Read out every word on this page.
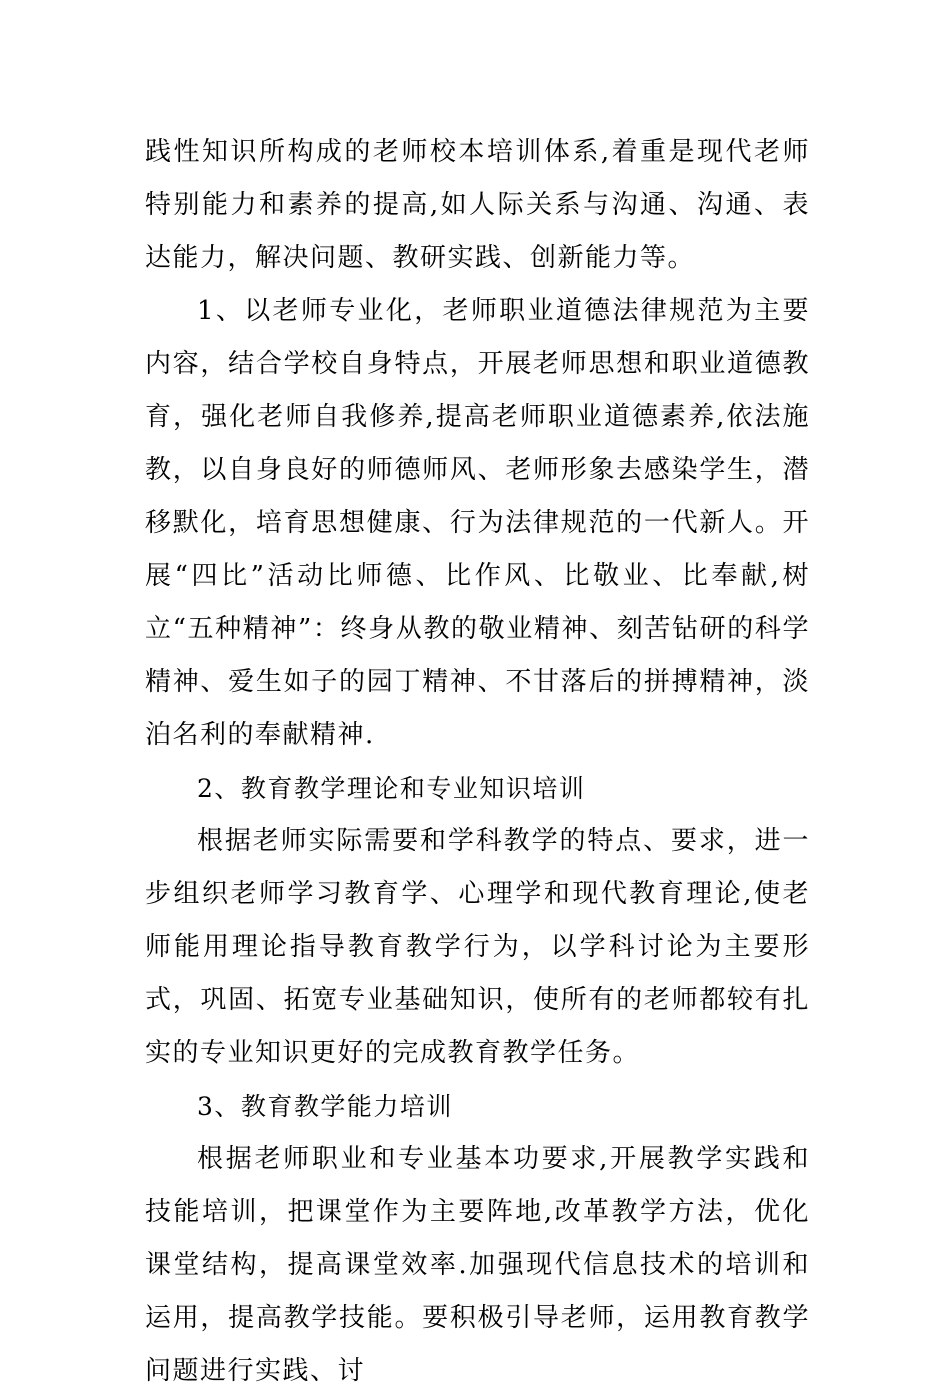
践性知识所构成的老师校本培训体系,着重是现代老师特别能力和素养的提高,如人际关系与沟通、沟通、表达能力，解决问题、教研实践、创新能力等。

1、以老师专业化，老师职业道德法律规范为主要内容，结合学校自身特点，开展老师思想和职业道德教育，强化老师自我修养,提高老师职业道德素养,依法施教，以自身良好的师德师风、老师形象去感染学生，潜移默化，培育思想健康、行为法律规范的一代新人。开展“四比”活动比师德、比作风、比敬业、比奉献,树立“五种精神”：终身从教的敬业精神、刻苦钻研的科学精神、爱生如子的园丁精神、不甘落后的拼搏精神，淡泊名利的奉献精神.

2、教育教学理论和专业知识培训

根据老师实际需要和学科教学的特点、要求，进一步组织老师学习教育学、心理学和现代教育理论,使老师能用理论指导教育教学行为，以学科讨论为主要形式，巩固、拓宽专业基础知识，使所有的老师都较有扎实的专业知识更好的完成教育教学任务。

3、教育教学能力培训

根据老师职业和专业基本功要求,开展教学实践和技能培训，把课堂作为主要阵地,改革教学方法，优化课堂结构，提高课堂效率.加强现代信息技术的培训和运用，提高教学技能。要积极引导老师，运用教育教学问题进行实践、讨
